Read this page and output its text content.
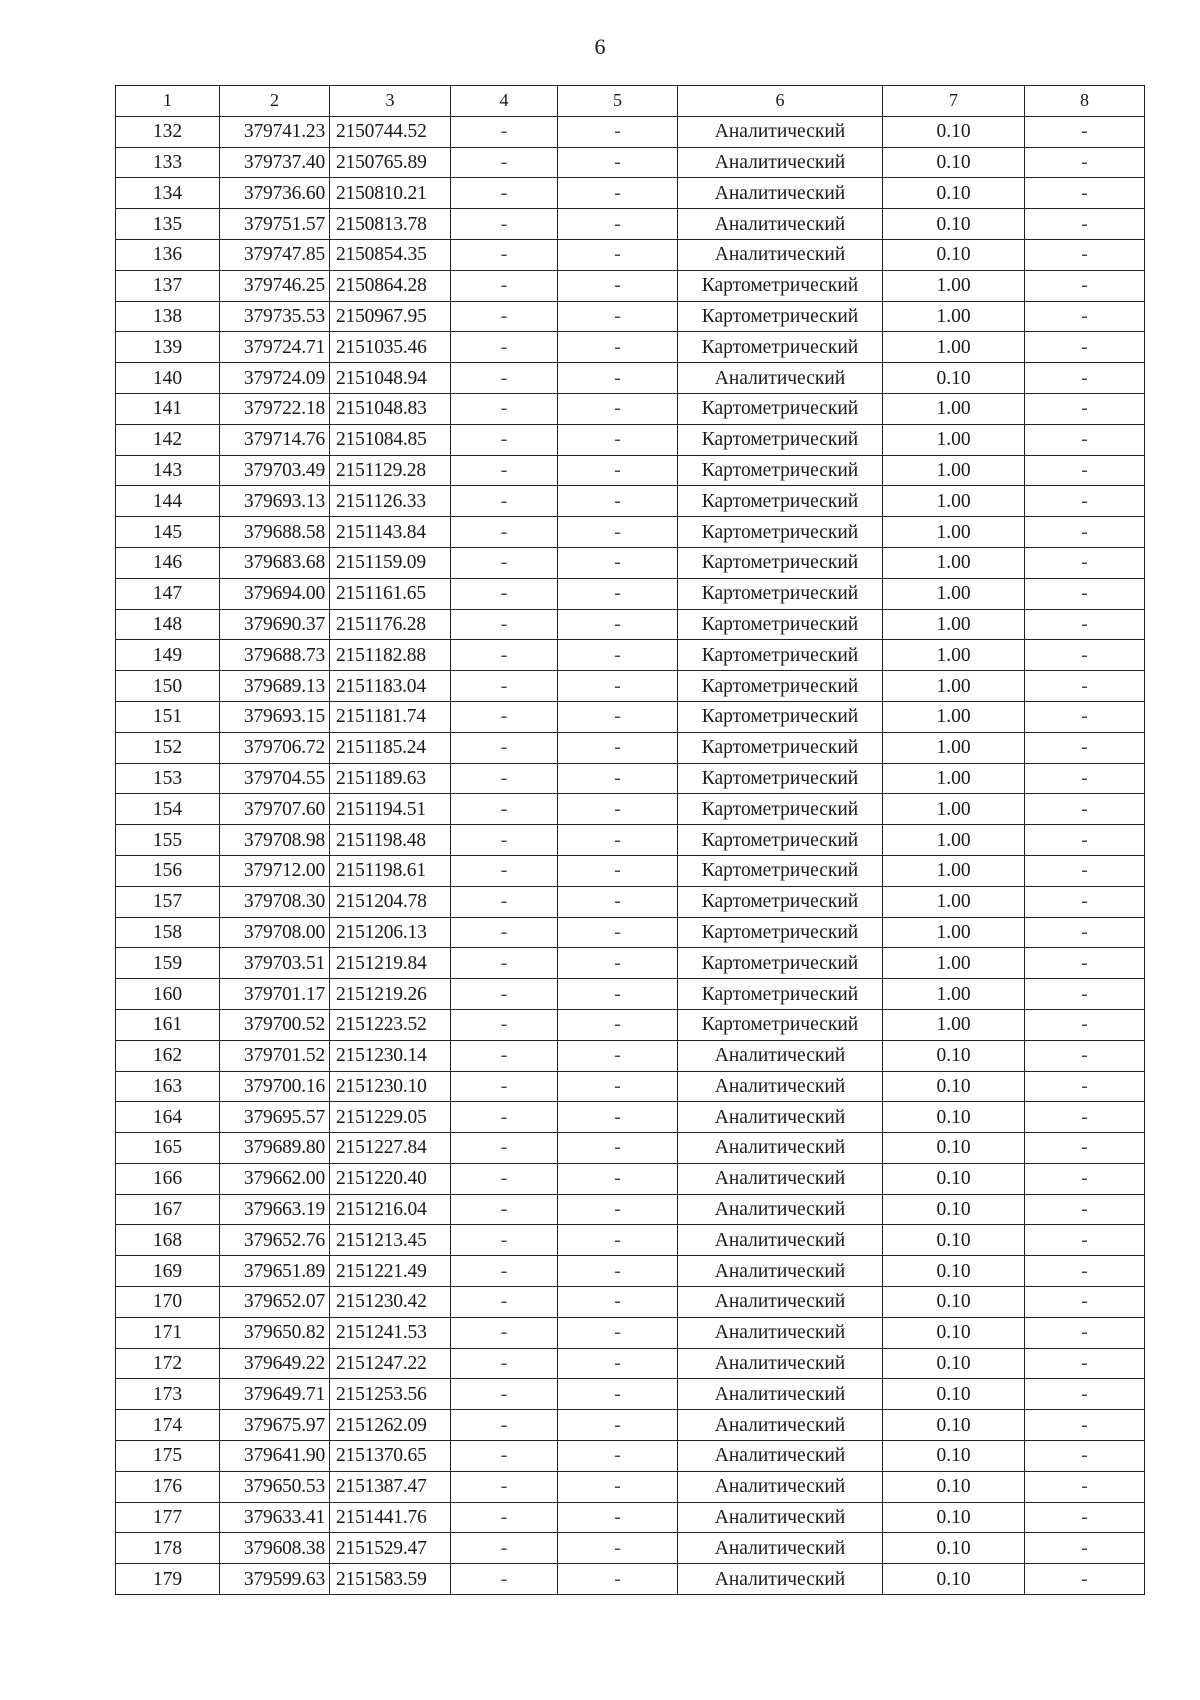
6
1	2	3	4	5	6	7	8
132	379741.23	2150744.52	-	-	Аналитический	0.10	-
133	379737.40	2150765.89	-	-	Аналитический	0.10	-
134	379736.60	2150810.21	-	-	Аналитический	0.10	-
135	379751.57	2150813.78	-	-	Аналитический	0.10	-
136	379747.85	2150854.35	-	-	Аналитический	0.10	-
137	379746.25	2150864.28	-	-	Картометрический	1.00	-
138	379735.53	2150967.95	-	-	Картометрический	1.00	-
139	379724.71	2151035.46	-	-	Картометрический	1.00	-
140	379724.09	2151048.94	-	-	Аналитический	0.10	-
141	379722.18	2151048.83	-	-	Картометрический	1.00	-
142	379714.76	2151084.85	-	-	Картометрический	1.00	-
143	379703.49	2151129.28	-	-	Картометрический	1.00	-
144	379693.13	2151126.33	-	-	Картометрический	1.00	-
145	379688.58	2151143.84	-	-	Картометрический	1.00	-
146	379683.68	2151159.09	-	-	Картометрический	1.00	-
147	379694.00	2151161.65	-	-	Картометрический	1.00	-
148	379690.37	2151176.28	-	-	Картометрический	1.00	-
149	379688.73	2151182.88	-	-	Картометрический	1.00	-
150	379689.13	2151183.04	-	-	Картометрический	1.00	-
151	379693.15	2151181.74	-	-	Картометрический	1.00	-
152	379706.72	2151185.24	-	-	Картометрический	1.00	-
153	379704.55	2151189.63	-	-	Картометрический	1.00	-
154	379707.60	2151194.51	-	-	Картометрический	1.00	-
155	379708.98	2151198.48	-	-	Картометрический	1.00	-
156	379712.00	2151198.61	-	-	Картометрический	1.00	-
157	379708.30	2151204.78	-	-	Картометрический	1.00	-
158	379708.00	2151206.13	-	-	Картометрический	1.00	-
159	379703.51	2151219.84	-	-	Картометрический	1.00	-
160	379701.17	2151219.26	-	-	Картометрический	1.00	-
161	379700.52	2151223.52	-	-	Картометрический	1.00	-
162	379701.52	2151230.14	-	-	Аналитический	0.10	-
163	379700.16	2151230.10	-	-	Аналитический	0.10	-
164	379695.57	2151229.05	-	-	Аналитический	0.10	-
165	379689.80	2151227.84	-	-	Аналитический	0.10	-
166	379662.00	2151220.40	-	-	Аналитический	0.10	-
167	379663.19	2151216.04	-	-	Аналитический	0.10	-
168	379652.76	2151213.45	-	-	Аналитический	0.10	-
169	379651.89	2151221.49	-	-	Аналитический	0.10	-
170	379652.07	2151230.42	-	-	Аналитический	0.10	-
171	379650.82	2151241.53	-	-	Аналитический	0.10	-
172	379649.22	2151247.22	-	-	Аналитический	0.10	-
173	379649.71	2151253.56	-	-	Аналитический	0.10	-
174	379675.97	2151262.09	-	-	Аналитический	0.10	-
175	379641.90	2151370.65	-	-	Аналитический	0.10	-
176	379650.53	2151387.47	-	-	Аналитический	0.10	-
177	379633.41	2151441.76	-	-	Аналитический	0.10	-
178	379608.38	2151529.47	-	-	Аналитический	0.10	-
179	379599.63	2151583.59	-	-	Аналитический	0.10	-
